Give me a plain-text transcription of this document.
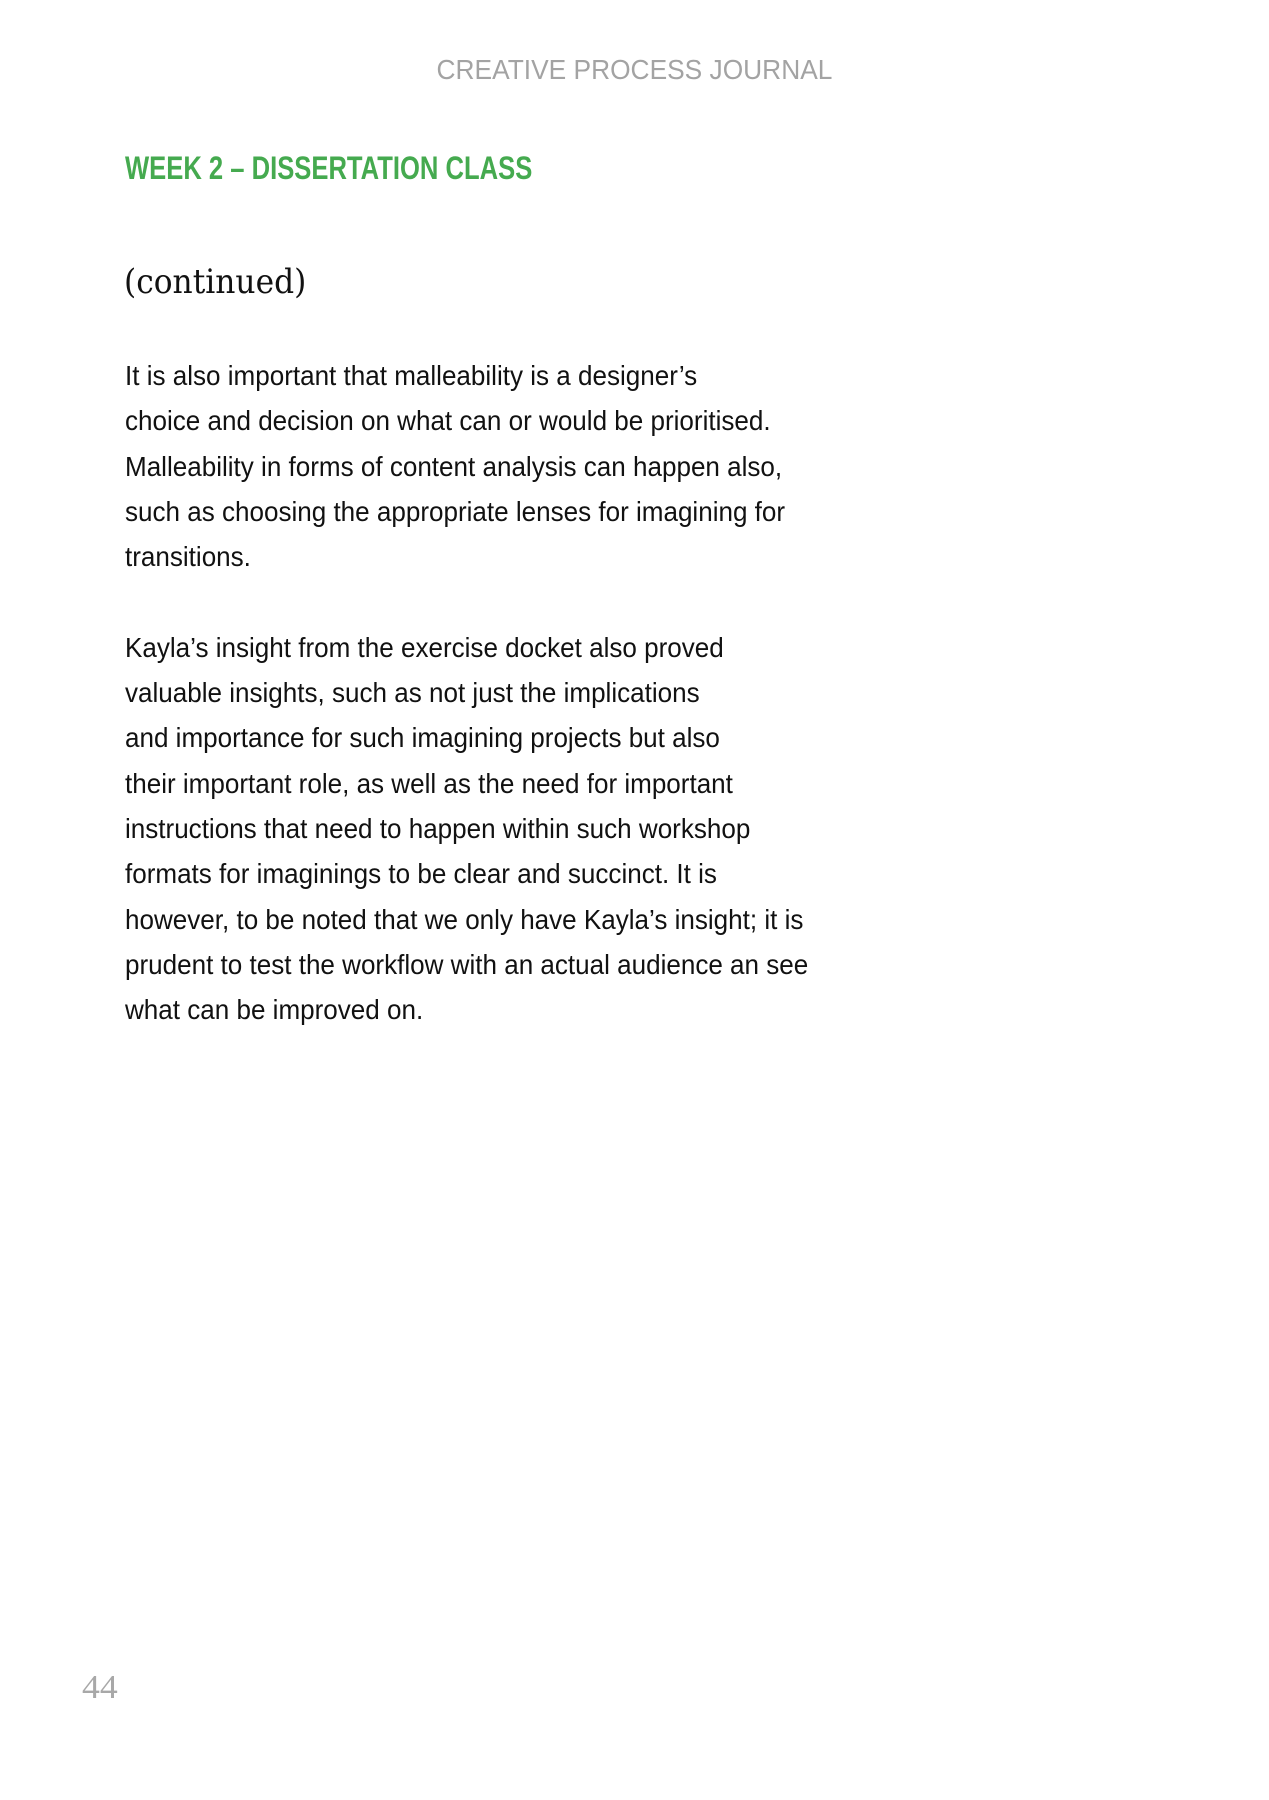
CREATIVE PROCESS JOURNAL
WEEK 2 – DISSERTATION CLASS
(continued)

It is also important that malleability is a designer’s
choice and decision on what can or would be prioritised.
Malleability in forms of content analysis can happen also,
such as choosing the appropriate lenses for imagining for
transitions.

Kayla’s insight from the exercise docket also proved
valuable insights, such as not just the implications
and importance for such imagining projects but also
their important role, as well as the need for important
instructions that need to happen within such workshop
formats for imaginings to be clear and succinct. It is
however, to be noted that we only have Kayla’s insight; it is
prudent to test the workflow with an actual audience an see
what can be improved on.

44
